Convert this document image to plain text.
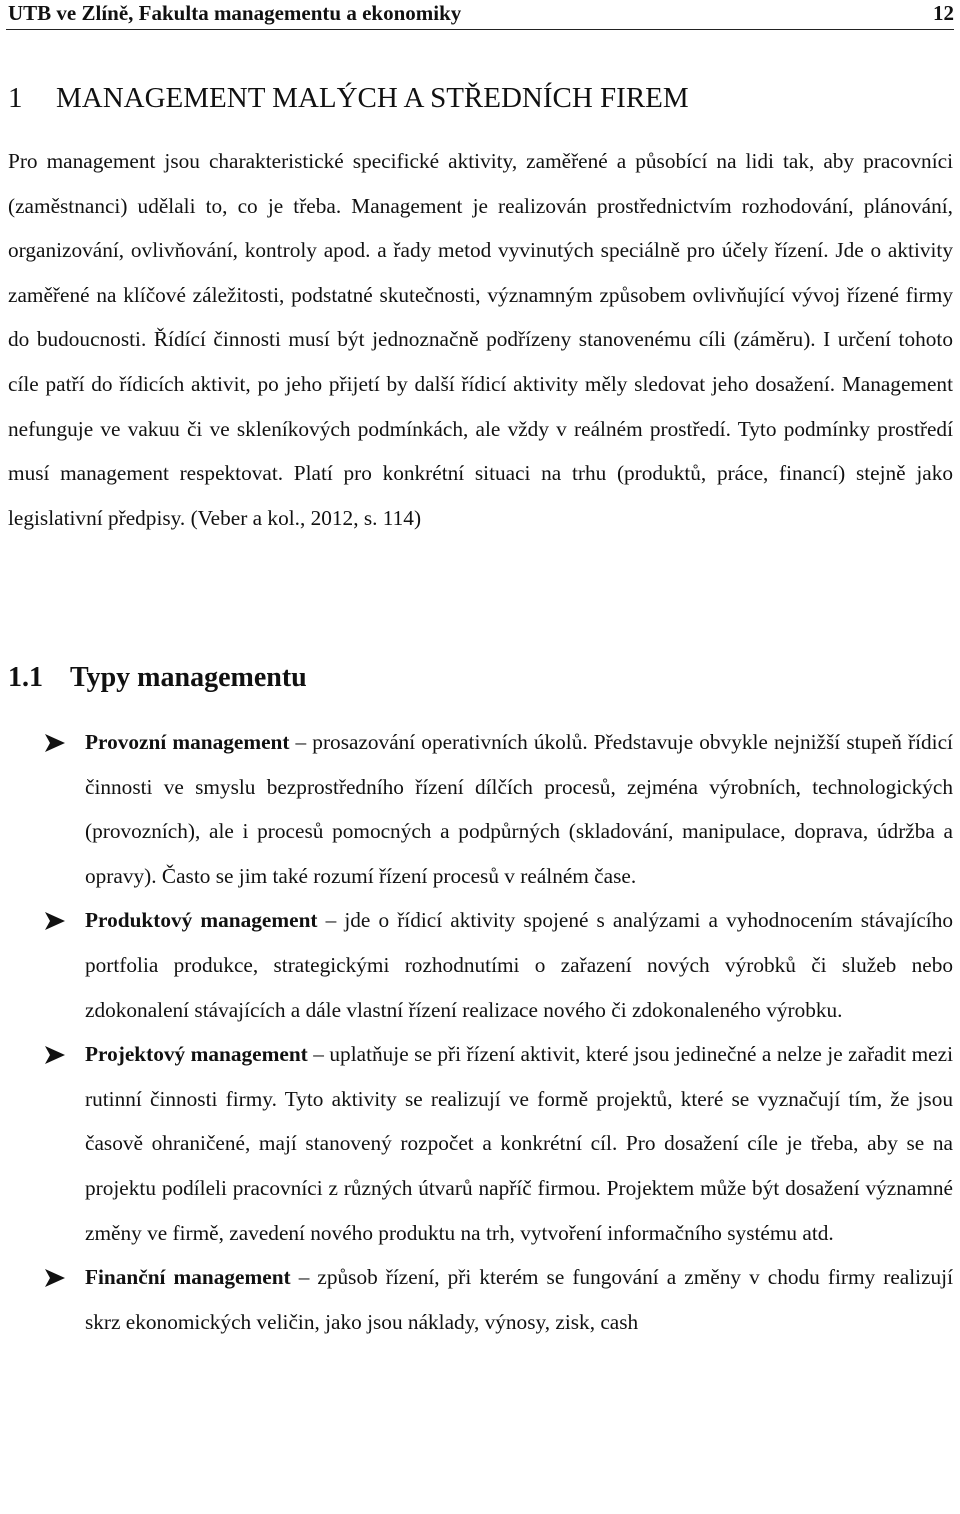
UTB ve Zlíně, Fakulta managementu a ekonomiky	12
1 MANAGEMENT MALÝCH A STŘEDNÍCH FIREM

Pro management jsou charakteristické specifické aktivity, zaměřené a působící na lidi tak, aby pracovníci (zaměstnanci) udělali to, co je třeba. Management je realizován prostřednictvím rozhodování, plánování, organizování, ovlivňování, kontroly apod. a řady metod vyvinutých speciálně pro účely řízení. Jde o aktivity zaměřené na klíčové záležitosti, podstatné skutečnosti, významným způsobem ovlivňující vývoj řízené firmy do budoucnosti. Řídící činnosti musí být jednoznačně podřízeny stanovenému cíli (záměru). I určení tohoto cíle patří do řídicích aktivit, po jeho přijetí by další řídicí aktivity měly sledovat jeho dosažení. Management nefunguje ve vakuu či ve skleníkových podmínkách, ale vždy v reálném prostředí. Tyto podmínky prostředí musí management respektovat. Platí pro konkrétní situaci na trhu (produktů, práce, financí) stejně jako legislativní předpisy. (Veber a kol., 2012, s. 114)

1.1 Typy managementu
Provozní management – prosazování operativních úkolů. Představuje obvykle nejnižší stupeň řídicí činnosti ve smyslu bezprostředního řízení dílčích procesů, zejména výrobních, technologických (provozních), ale i procesů pomocných a podpůrných (skladování, manipulace, doprava, údržba a opravy). Často se jim také rozumí řízení procesů v reálném čase.
Produktový management – jde o řídicí aktivity spojené s analýzami a vyhodnocením stávajícího portfolia produkce, strategickými rozhodnutími o zařazení nových výrobků či služeb nebo zdokonalení stávajících a dále vlastní řízení realizace nového či zdokonaleného výrobku.
Projektový management – uplatňuje se při řízení aktivit, které jsou jedinečné a nelze je zařadit mezi rutinní činnosti firmy. Tyto aktivity se realizují ve formě projektů, které se vyznačují tím, že jsou časově ohraničené, mají stanovený rozpočet a konkrétní cíl. Pro dosažení cíle je třeba, aby se na projektu podíleli pracovníci z různých útvarů napříč firmou. Projektem může být dosažení významné změny ve firmě, zavedení nového produktu na trh, vytvoření informačního systému atd.
Finanční management – způsob řízení, při kterém se fungování a změny v chodu firmy realizují skrz ekonomických veličin, jako jsou náklady, výnosy, zisk, cash
